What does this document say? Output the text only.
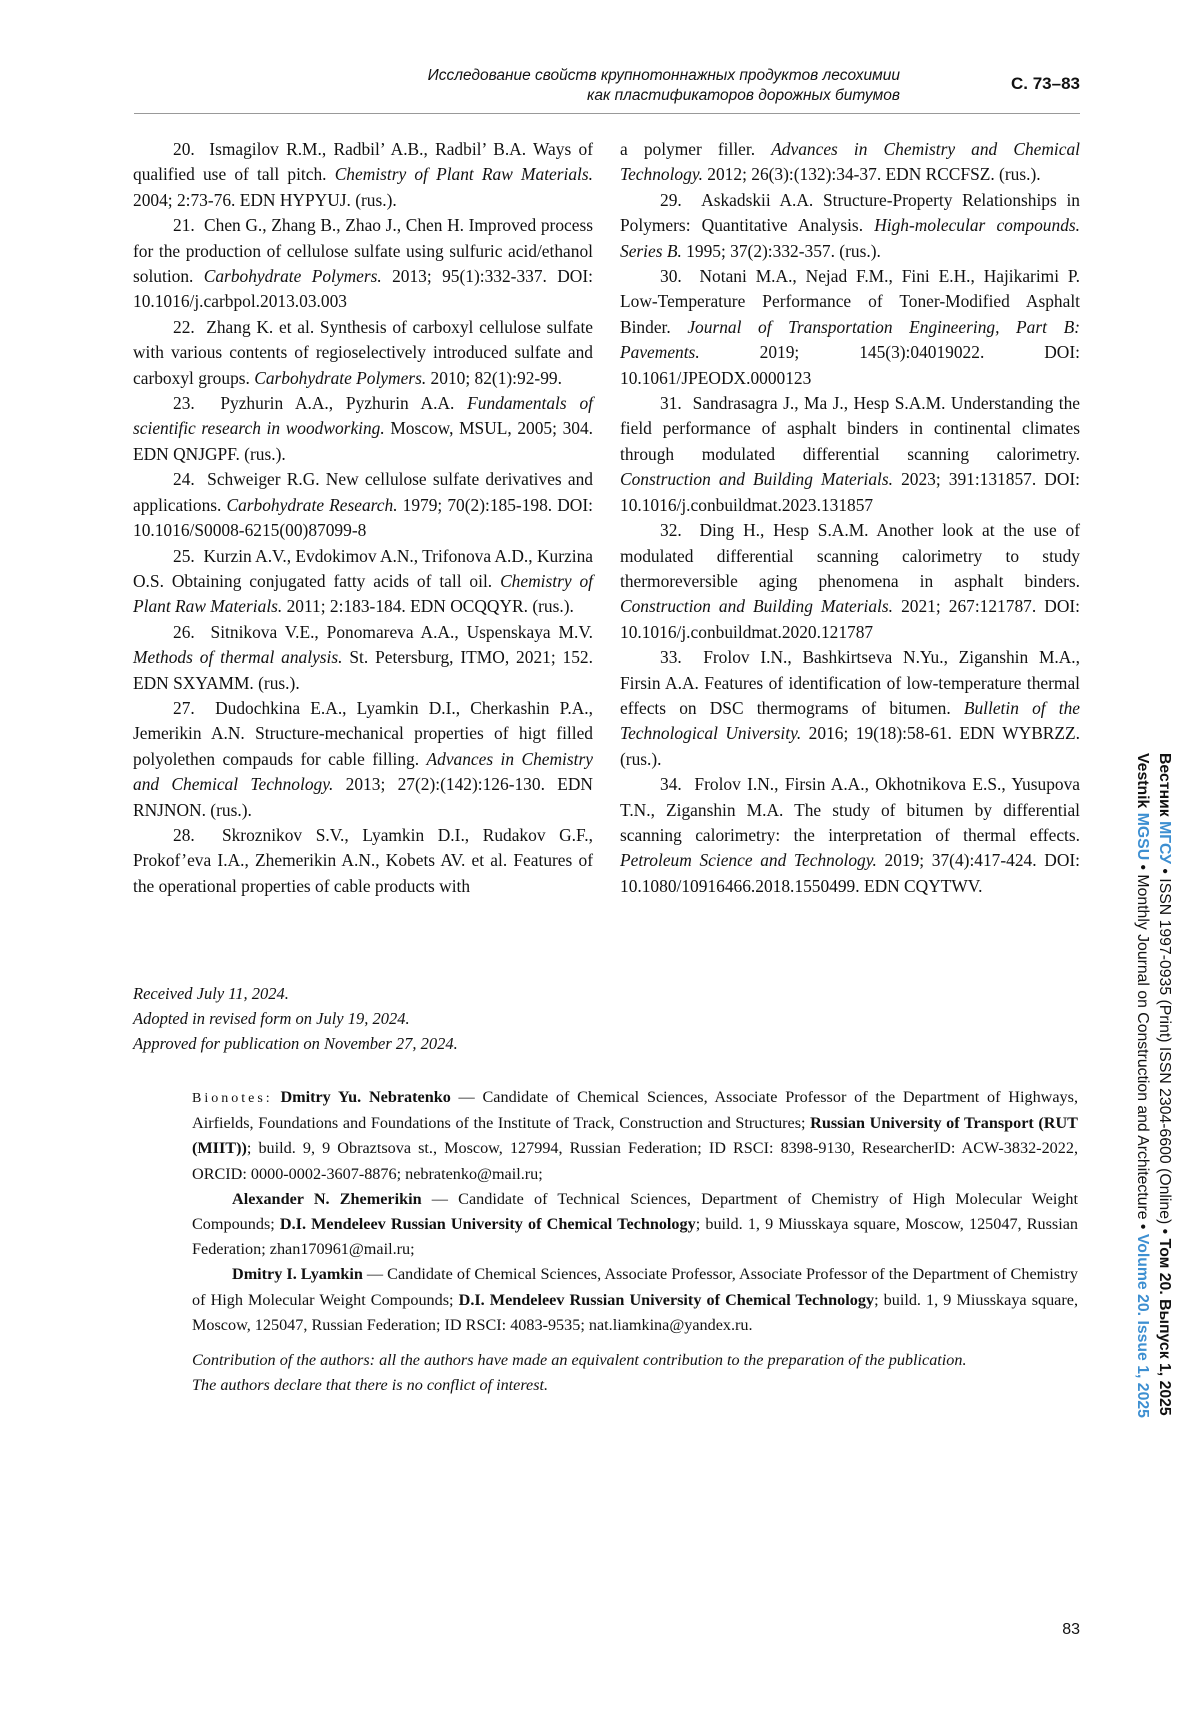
Исследование свойств крупнотоннажных продуктов лесохимии
как пластификаторов дорожных битумов
С. 73–83

20. Ismagilov R.M., Radbil’ A.B., Radbil’ B.A. Ways of qualified use of tall pitch. Chemistry of Plant Raw Materials. 2004; 2:73-76. EDN HYPYUJ. (rus.).

21. Chen G., Zhang B., Zhao J., Chen H. Improved process for the production of cellulose sulfate using sulfuric acid/ethanol solution. Carbohydrate Polymers. 2013; 95(1):332-337. DOI: 10.1016/j.carbpol.2013.03.003

22. Zhang K. et al. Synthesis of carboxyl cellulose sulfate with various contents of regioselectively introduced sulfate and carboxyl groups. Carbohydrate Polymers. 2010; 82(1):92-99.

23. Pyzhurin A.A., Pyzhurin A.A. Fundamentals of scientific research in woodworking. Moscow, MSUL, 2005; 304. EDN QNJGPF. (rus.).

24. Schweiger R.G. New cellulose sulfate derivatives and applications. Carbohydrate Research. 1979; 70(2):185-198. DOI: 10.1016/S0008-6215(00)87099-8

25. Kurzin A.V., Evdokimov A.N., Trifonova A.D., Kurzina O.S. Obtaining conjugated fatty acids of tall oil. Chemistry of Plant Raw Materials. 2011; 2:183-184. EDN OCQQYR. (rus.).

26. Sitnikova V.E., Ponomareva A.A., Uspenskaya M.V. Methods of thermal analysis. St. Petersburg, ITMO, 2021; 152. EDN SXYAMM. (rus.).

27. Dudochkina E.A., Lyamkin D.I., Cherkashin P.A., Jemerikin A.N. Structure-mechanical properties of higt filled polyolethen compauds for cable filling. Advances in Chemistry and Chemical Technology. 2013; 27(2):(142):126-130. EDN RNJNON. (rus.).

28. Skroznikov S.V., Lyamkin D.I., Rudakov G.F., Prokof’eva I.A., Zhemerikin A.N., Kobets AV. et al. Features of the operational properties of cable products with

a polymer filler. Advances in Chemistry and Chemical Technology. 2012; 26(3):(132):34-37. EDN RCCFSZ. (rus.).

29. Askadskii A.A. Structure-Property Relationships in Polymers: Quantitative Analysis. High-molecular compounds. Series B. 1995; 37(2):332-357. (rus.).

30. Notani M.A., Nejad F.M., Fini E.H., Hajikarimi P. Low-Temperature Performance of Toner-Modified Asphalt Binder. Journal of Transportation Engineering, Part B: Pavements. 2019; 145(3):04019022. DOI: 10.1061/JPEODX.0000123

31. Sandrasagra J., Ma J., Hesp S.A.M. Understanding the field performance of asphalt binders in continental climates through modulated differential scanning calorimetry. Construction and Building Materials. 2023; 391:131857. DOI: 10.1016/j.conbuildmat.2023.131857

32. Ding H., Hesp S.A.M. Another look at the use of modulated differential scanning calorimetry to study thermoreversible aging phenomena in asphalt binders. Construction and Building Materials. 2021; 267:121787. DOI: 10.1016/j.conbuildmat.2020.121787

33. Frolov I.N., Bashkirtseva N.Yu., Ziganshin M.A., Firsin A.A. Features of identification of low-temperature thermal effects on DSC thermograms of bitumen. Bulletin of the Technological University. 2016; 19(18):58-61. EDN WYBRZZ. (rus.).

34. Frolov I.N., Firsin A.A., Okhotnikova E.S., Yusupova T.N., Ziganshin M.A. The study of bitumen by differential scanning calorimetry: the interpretation of thermal effects. Petroleum Science and Technology. 2019; 37(4):417-424. DOI: 10.1080/10916466.2018.1550499. EDN CQYTWV.

Received July 11, 2024.
Adopted in revised form on July 19, 2024.
Approved for publication on November 27, 2024.

Bionotes: Dmitry Yu. Nebratenko — Candidate of Chemical Sciences, Associate Professor of the Department of Highways, Airfields, Foundations and Foundations of the Institute of Track, Construction and Structures; Russian University of Transport (RUT (MIIT)); build. 9, 9 Obraztsova st., Moscow, 127994, Russian Federation; ID RSCI: 8398-9130, ResearcherID: ACW-3832-2022, ORCID: 0000-0002-3607-8876; nebratenko@mail.ru;

Alexander N. Zhemerikin — Candidate of Technical Sciences, Department of Chemistry of High Molecular Weight Compounds; D.I. Mendeleev Russian University of Chemical Technology; build. 1, 9 Miusskaya square, Moscow, 125047, Russian Federation; zhan170961@mail.ru;

Dmitry I. Lyamkin — Candidate of Chemical Sciences, Associate Professor, Associate Professor of the Department of Chemistry of High Molecular Weight Compounds; D.I. Mendeleev Russian University of Chemical Technology; build. 1, 9 Miusskaya square, Moscow, 125047, Russian Federation; ID RSCI: 4083-9535; nat.liamkina@yandex.ru.

Contribution of the authors: all the authors have made an equivalent contribution to the preparation of the publication.

The authors declare that there is no conflict of interest.

Вестник МГСУ • ISSN 1997-0935 (Print) ISSN 2304-6600 (Online) • Том 20. Выпуск 1, 2025
Vestnik MGSU • Monthly Journal on Construction and Architecture • Volume 20. Issue 1, 2025
83
